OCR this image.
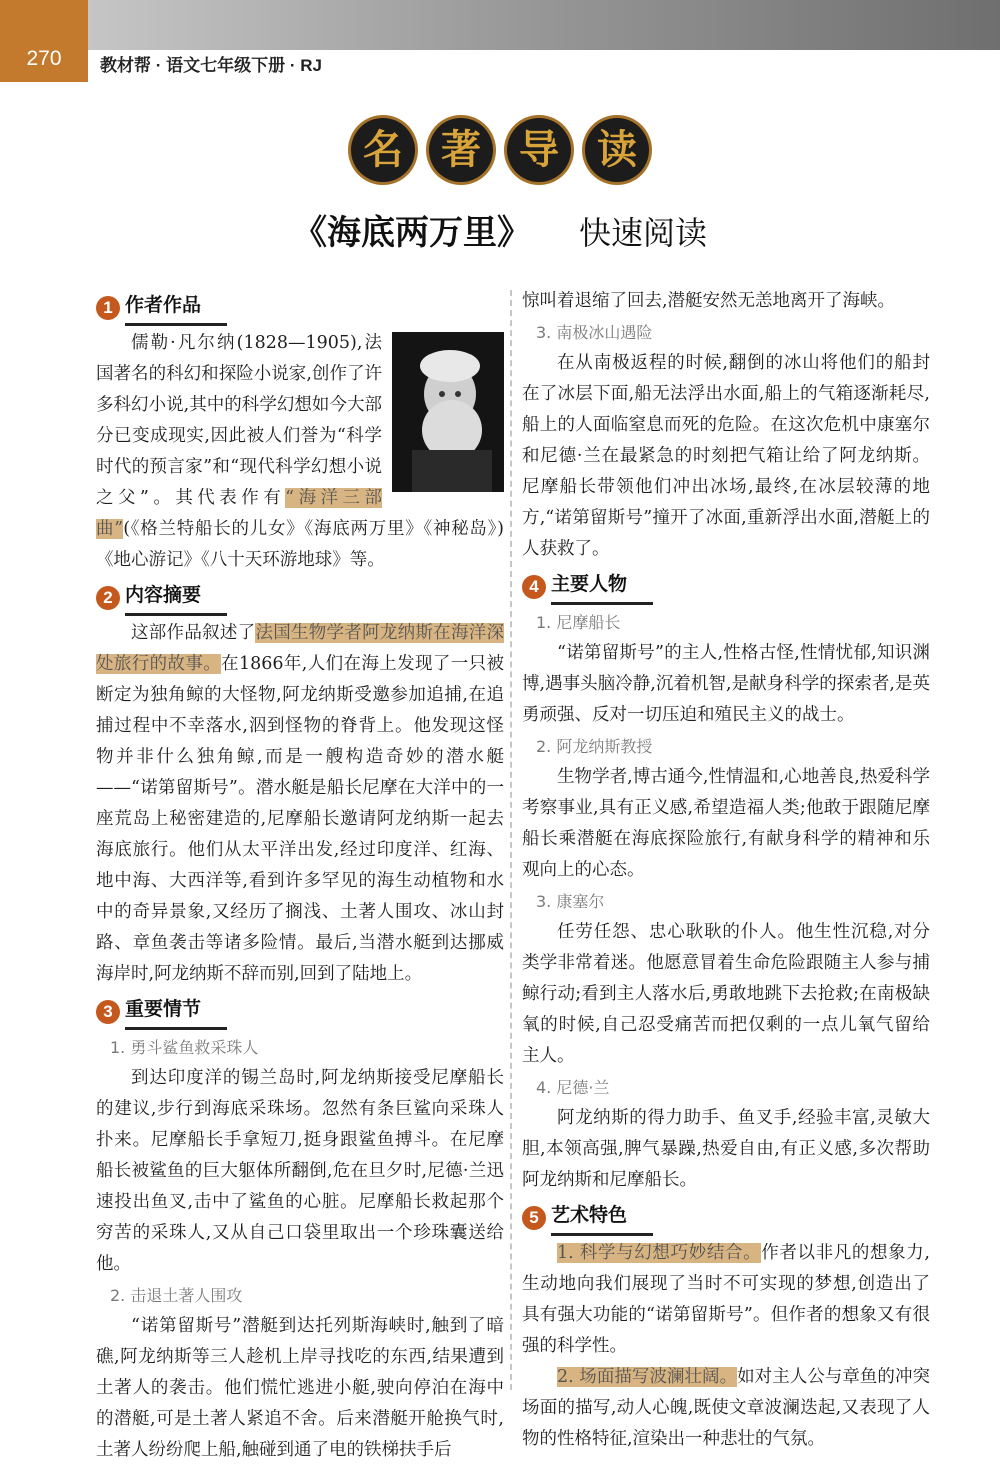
270	教材帮 · 语文七年级下册 · RJ
名 著 导 读
《海底两万里》 快速阅读
1 作者作品

儒勒·凡尔纳(1828—1905),法国著名的科幻和探险小说家,创作了许多科幻小说,其中的科学幻想如今大部分已变成现实,因此被人们誉为“科学时代的预言家”和“现代科学幻想小说之父”。其代表作有“海洋三部曲”(《格兰特船长的儿女》《海底两万里》《神秘岛》)《地心游记》《八十天环游地球》等。

2 内容摘要

这部作品叙述了法国生物学者阿龙纳斯在海洋深处旅行的故事。在1866年,人们在海上发现了一只被断定为独角鲸的大怪物,阿龙纳斯受邀参加追捕,在追捕过程中不幸落水,泅到怪物的脊背上。他发现这怪物并非什么独角鲸,而是一艘构造奇妙的潜水艇——“诺第留斯号”。潜水艇是船长尼摩在大洋中的一座荒岛上秘密建造的,尼摩船长邀请阿龙纳斯一起去海底旅行。他们从太平洋出发,经过印度洋、红海、地中海、大西洋等,看到许多罕见的海生动植物和水中的奇异景象,又经历了搁浅、土著人围攻、冰山封路、章鱼袭击等诸多险情。最后,当潜水艇到达挪威海岸时,阿龙纳斯不辞而别,回到了陆地上。

3 重要情节
1. 勇斗鲨鱼救采珠人

到达印度洋的锡兰岛时,阿龙纳斯接受尼摩船长的建议,步行到海底采珠场。忽然有条巨鲨向采珠人扑来。尼摩船长手拿短刀,挺身跟鲨鱼搏斗。在尼摩船长被鲨鱼的巨大躯体所翻倒,危在旦夕时,尼德·兰迅速投出鱼叉,击中了鲨鱼的心脏。尼摩船长救起那个穷苦的采珠人,又从自己口袋里取出一个珍珠囊送给他。

2. 击退土著人围攻

“诺第留斯号”潜艇到达托列斯海峡时,触到了暗礁,阿龙纳斯等三人趁机上岸寻找吃的东西,结果遭到土著人的袭击。他们慌忙逃进小艇,驶向停泊在海中的潜艇,可是土著人紧追不舍。后来潜艇开舱换气时,土著人纷纷爬上船,触碰到通了电的铁梯扶手后

惊叫着退缩了回去,潜艇安然无恙地离开了海峡。

3. 南极冰山遇险

在从南极返程的时候,翻倒的冰山将他们的船封在了冰层下面,船无法浮出水面,船上的气箱逐渐耗尽,船上的人面临窒息而死的危险。在这次危机中康塞尔和尼德·兰在最紧急的时刻把气箱让给了阿龙纳斯。尼摩船长带领他们冲出冰场,最终,在冰层较薄的地方,“诺第留斯号”撞开了冰面,重新浮出水面,潜艇上的人获救了。

4 主要人物
1. 尼摩船长

“诺第留斯号”的主人,性格古怪,性情忧郁,知识渊博,遇事头脑冷静,沉着机智,是献身科学的探索者,是英勇顽强、反对一切压迫和殖民主义的战士。

2. 阿龙纳斯教授

生物学者,博古通今,性情温和,心地善良,热爱科学考察事业,具有正义感,希望造福人类;他敢于跟随尼摩船长乘潜艇在海底探险旅行,有献身科学的精神和乐观向上的心态。

3. 康塞尔

任劳任怨、忠心耿耿的仆人。他生性沉稳,对分类学非常着迷。他愿意冒着生命危险跟随主人参与捕鲸行动;看到主人落水后,勇敢地跳下去抢救;在南极缺氧的时候,自己忍受痛苦而把仅剩的一点儿氧气留给主人。

4. 尼德·兰

阿龙纳斯的得力助手、鱼叉手,经验丰富,灵敏大胆,本领高强,脾气暴躁,热爱自由,有正义感,多次帮助阿龙纳斯和尼摩船长。

5 艺术特色

1. 科学与幻想巧妙结合。作者以非凡的想象力,生动地向我们展现了当时不可实现的梦想,创造出了具有强大功能的“诺第留斯号”。但作者的想象又有很强的科学性。

2. 场面描写波澜壮阔。如对主人公与章鱼的冲突场面的描写,动人心魄,既使文章波澜迭起,又表现了人物的性格特征,渲染出一种悲壮的气氛。
